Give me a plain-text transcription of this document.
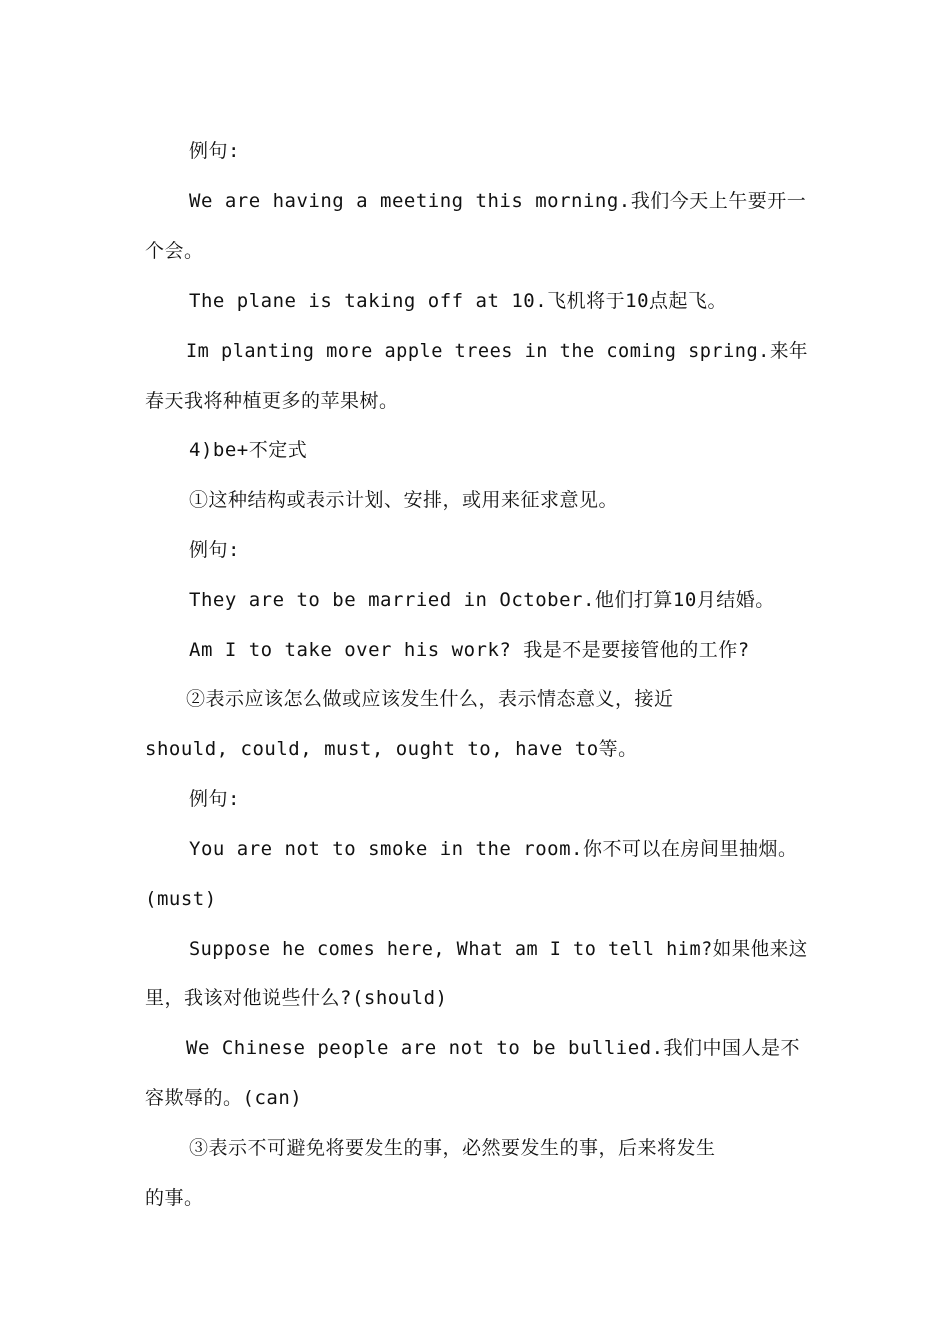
例句:
We are having a meeting this morning.我们今天上午要开一
个会。
The plane is taking off at 10.飞机将于10点起飞。
Im planting more apple trees in the coming spring.来年
春天我将种植更多的苹果树。
4)be+不定式
①这种结构或表示计划、安排，或用来征求意见。
例句:
They are to be married in October.他们打算10月结婚。
Am I to take over his work? 我是不是要接管他的工作?
②表示应该怎么做或应该发生什么，表示情态意义，接近
should, could, must, ought to, have to等。
例句:
You are not to smoke in the room.你不可以在房间里抽烟。
(must)
Suppose he comes here, What am I to tell him?如果他来这
里，我该对他说些什么?(should)
We Chinese people are not to be bullied.我们中国人是不
容欺辱的。(can)
③表示不可避免将要发生的事，必然要发生的事，后来将发生
的事。
